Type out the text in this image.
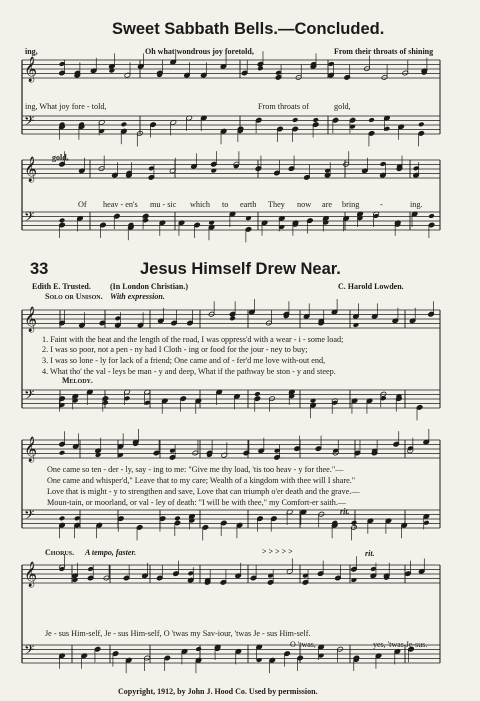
𝄞
𝄢
𝄞
𝄢
𝄞
𝄢
𝄞
𝄢
𝄞
𝄢
Sweet Sabbath Bells.—Concluded.
ing,	Oh what wondrous joy foretold,	From their throats of shining
ing, What joy fore - told,	From throats of	gold,
gold,
Of heav - en's mu - sic which to earth They now are bring	-	ing.
33	Jesus Himself Drew Near.
Edith E. Trusted. (In London Christian.)	C. Harold Lowden.
Solo or Unison. With expression.
1. Faint with the heat and the length of the road, I was oppress'd with a wear - i - some load;
2. I was so poor, not a pen - ny had I Cloth - ing or food for the jour - ney to buy;
3. I was so lone - ly for lack of a friend; One came and of - fer'd me love with-out end,
4. What tho' the val - leys be man - y and deep, What if the pathway be ston - y and steep.
Melody.
One came so ten - der - ly, say - ing to me: "Give me thy load, 'tis too heav - y for thee."—
One came and whisper'd," Leave that to my care; Wealth of a kingdom with thee will I share."
Love that is might - y to strengthen and save, Love that can triumph o'er death and the grave.—
Moun-tain, or moorland, or val - ley of death: "I will be with thee," my Comfort-er saith.—
rit.
Chorus. A tempo, faster.	> > > > >	rit.
Je - sus Him-self, Je - sus Him-self, O 'twas my Sav-iour, 'twas Je - sus Him-self.
O 'twas,	yes, 'twas Je-sus.
Copyright, 1912, by John J. Hood Co. Used by permission.
